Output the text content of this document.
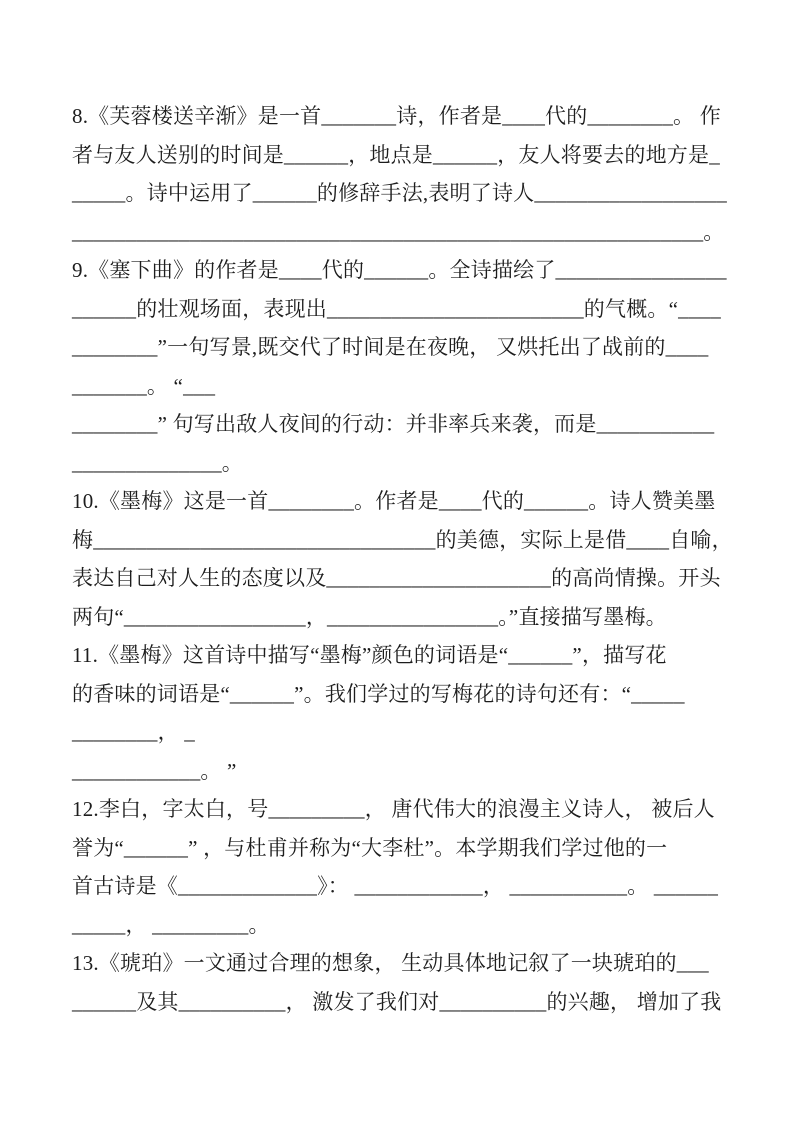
8.《芙蓉楼送辛渐》是一首_______诗，作者是____代的________。 作
者与友人送别的时间是______，地点是______，友人将要去的地方是_
_____。诗中运用了______的修辞手法,表明了诗人__________________
___________________________________________________________。
9.《塞下曲》的作者是____代的______。全诗描绘了________________
______的壮观场面，表现出________________________的气概。“____
________”一句写景,既交代了时间是在夜晚， 又烘托出了战前的____
_______。 “___
________” 句写出敌人夜间的行动：并非率兵来袭，而是___________
______________。
10.《墨梅》这是一首________。作者是____代的______。诗人赞美墨
梅________________________________的美德，实际上是借____自喻，
表达自己对人生的态度以及_____________________的高尚情操。开头
两句“_________________，________________。”直接描写墨梅。
11.《墨梅》这首诗中描写“墨梅”颜色的词语是“______”，描写花
的香味的词语是“______”。我们学过的写梅花的诗句还有：“_____
________， _
____________。 ”
12.李白，字太白，号_________， 唐代伟大的浪漫主义诗人， 被后人
誉为“______” ，与杜甫并称为“大李杜”。本学期我们学过他的一
首古诗是《_____________》： ____________， ___________。 ______
_____， _________。
13.《琥珀》一文通过合理的想象， 生动具体地记叙了一块琥珀的___
______及其__________， 激发了我们对__________的兴趣， 增加了我
